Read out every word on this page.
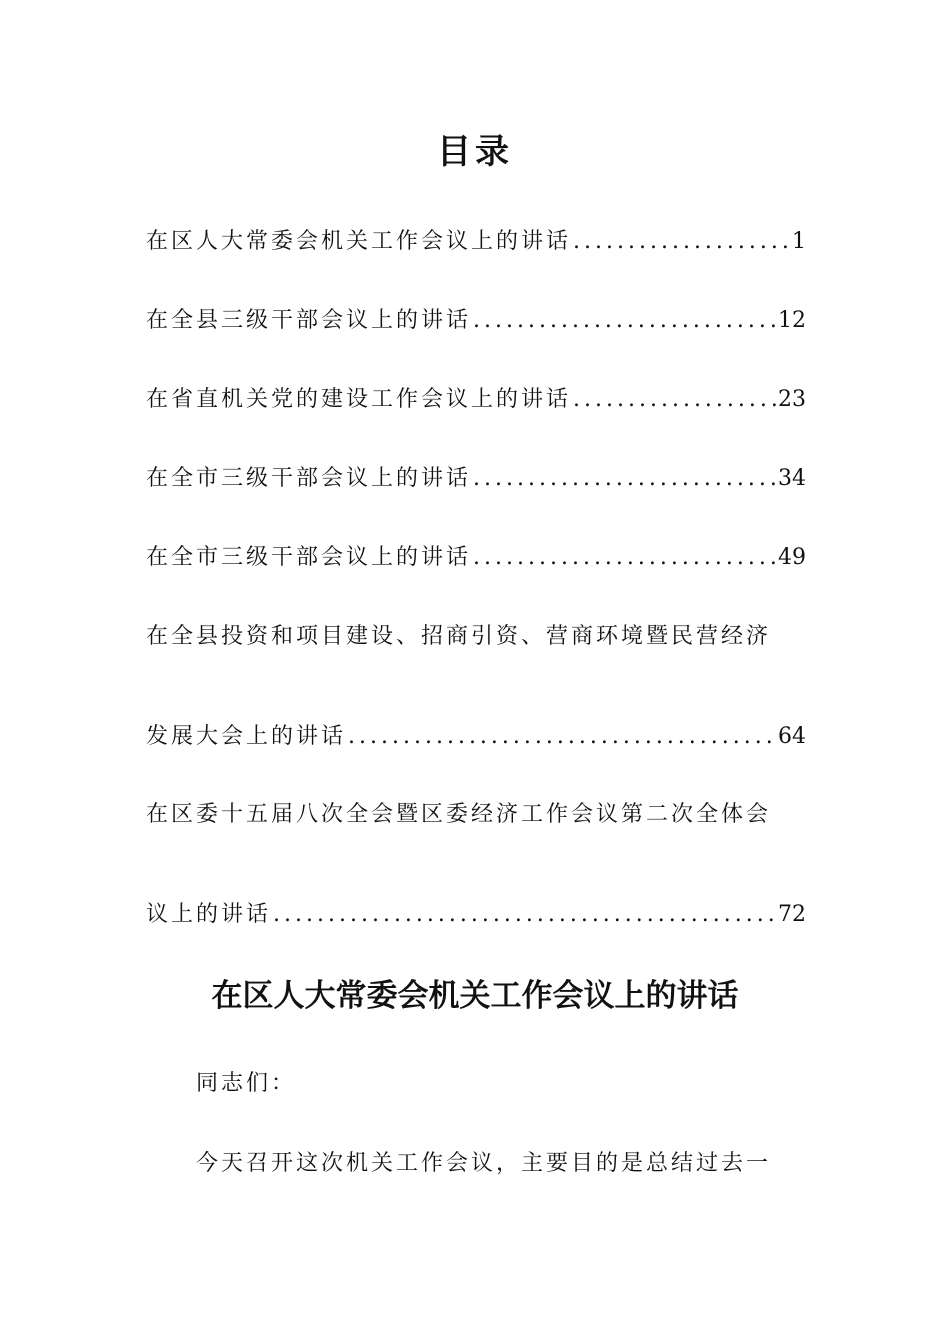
目录
在区人大常委会机关工作会议上的讲话 .....	1
在全县三级干部会议上的讲话 .....	12
在省直机关党的建设工作会议上的讲话 .....	23
在全市三级干部会议上的讲话 .....	34
在全市三级干部会议上的讲话 .....	49
在全县投资和项目建设、招商引资、营商环境暨民营经济
发展大会上的讲话 .....	64
在区委十五届八次全会暨区委经济工作会议第二次全体会
议上的讲话 .....	72
在区人大常委会机关工作会议上的讲话
同志们：
今天召开这次机关工作会议，主要目的是总结过去一
